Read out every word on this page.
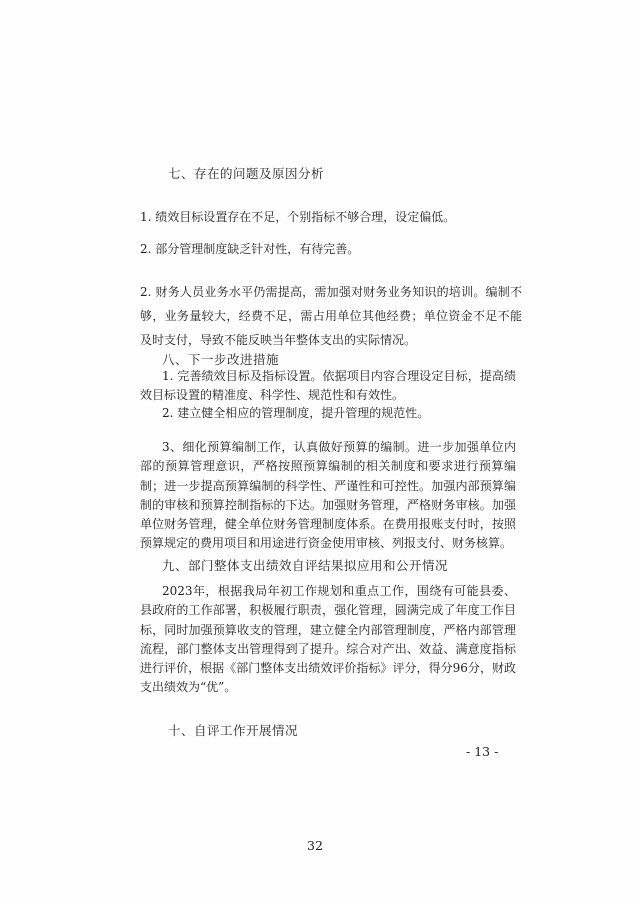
七、存在的问题及原因分析
1. 绩效目标设置存在不足，个别指标不够合理，设定偏低。
2. 部分管理制度缺乏针对性，有待完善。
2. 财务人员业务水平仍需提高，需加强对财务业务知识的培训。编制不够，业务量较大，经费不足，需占用单位其他经费；单位资金不足不能及时支付，导致不能反映当年整体支出的实际情况。
八、下一步改进措施
1. 完善绩效目标及指标设置。依据项目内容合理设定目标，提高绩效目标设置的精准度、科学性、规范性和有效性。
2. 建立健全相应的管理制度，提升管理的规范性。
3、细化预算编制工作，认真做好预算的编制。进一步加强单位内部的预算管理意识，严格按照预算编制的相关制度和要求进行预算编制；进一步提高预算编制的科学性、严谨性和可控性。加强内部预算编制的审核和预算控制指标的下达。加强财务管理，严格财务审核。加强单位财务管理，健全单位财务管理制度体系。在费用报账支付时，按照预算规定的费用项目和用途进行资金使用审核、列报支付、财务核算。
九、部门整体支出绩效自评结果拟应用和公开情况
2023年，根据我局年初工作规划和重点工作，围绕有可能县委、县政府的工作部署，积极履行职责，强化管理，圆满完成了年度工作目标，同时加强预算收支的管理，建立健全内部管理制度，严格内部管理流程，部门整体支出管理得到了提升。综合对产出、效益、满意度指标进行评价，根据《部门整体支出绩效评价指标》评分，得分96分，财政支出绩效为“优”。
十、自评工作开展情况
- 13 -
32
